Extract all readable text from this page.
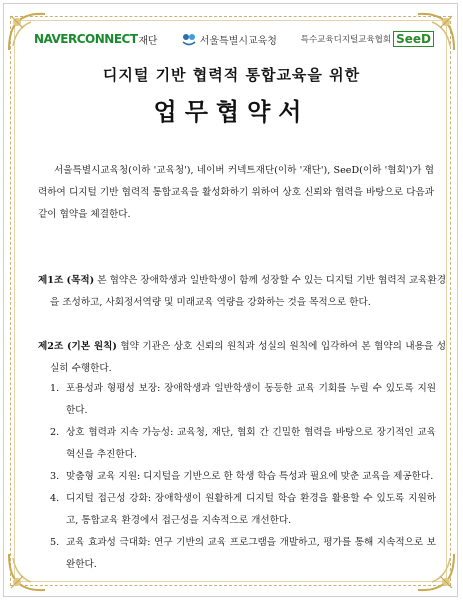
NAVER CONNECT 재단	서울특별시교육청	특수교육디지털교육협회 SeeD
디지털 기반 협력적 통합교육을 위한
업무협약서
서울특별시교육청(이하 '교육청'), 네이버 커넥트재단(이하 '재단'), SeeD(이하 '협회')가 협력하여 디지털 기반 협력적 통합교육을 활성화하기 위하여 상호 신뢰와 협력을 바탕으로 다음과 같이 협약을 체결한다.
제1조 (목적) 본 협약은 장애학생과 일반학생이 함께 성장할 수 있는 디지털 기반 협력적 교육환경을 조성하고, 사회정서역량 및 미래교육 역량을 강화하는 것을 목적으로 한다.
제2조 (기본 원칙) 협약 기관은 상호 신뢰의 원칙과 성실의 원칙에 입각하여 본 협약의 내용을 성실히 수행한다.
1. 포용성과 형평성 보장: 장애학생과 일반학생이 동등한 교육 기회를 누릴 수 있도록 지원한다.
2. 상호 협력과 지속 가능성: 교육청, 재단, 협회 간 긴밀한 협력을 바탕으로 장기적인 교육혁신을 추진한다.
3. 맞춤형 교육 지원: 디지털을 기반으로 한 학생 학습 특성과 필요에 맞춘 교육을 제공한다.
4. 디지털 접근성 강화: 장애학생이 원활하게 디지털 학습 환경을 활용할 수 있도록 지원하고, 통합교육 환경에서 접근성을 지속적으로 개선한다.
5. 교육 효과성 극대화: 연구 기반의 교육 프로그램을 개발하고, 평가를 통해 지속적으로 보완한다.
